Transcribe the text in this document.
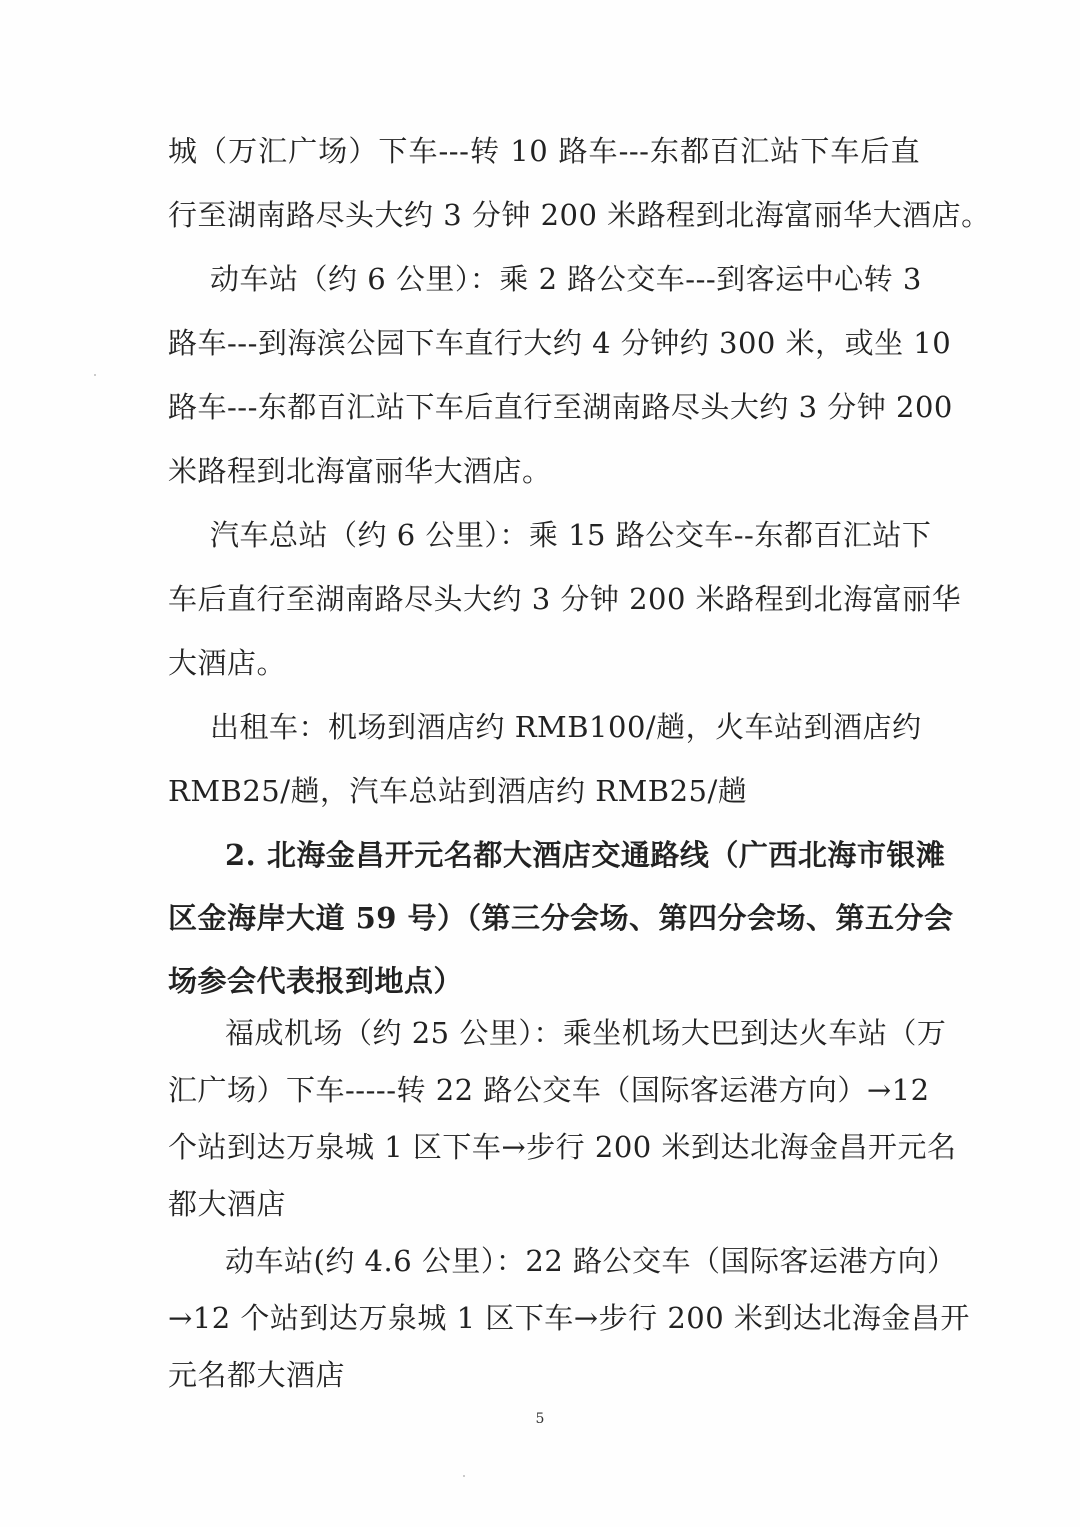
城（万汇广场）下车---转 10 路车---东都百汇站下车后直
行至湖南路尽头大约 3 分钟 200 米路程到北海富丽华大酒店。
动车站（约 6 公里）：乘 2 路公交车---到客运中心转 3
路车---到海滨公园下车直行大约 4 分钟约 300 米，或坐 10
路车---东都百汇站下车后直行至湖南路尽头大约 3 分钟 200
米路程到北海富丽华大酒店。
汽车总站（约 6 公里）：乘 15 路公交车--东都百汇站下
车后直行至湖南路尽头大约 3 分钟 200 米路程到北海富丽华
大酒店。
出租车：机场到酒店约 RMB100/趟，火车站到酒店约
RMB25/趟，汽车总站到酒店约 RMB25/趟
2. 北海金昌开元名都大酒店交通路线（广西北海市银滩
区金海岸大道 59 号）（第三分会场、第四分会场、第五分会
场参会代表报到地点）
福成机场（约 25 公里）：乘坐机场大巴到达火车站（万
汇广场）下车-----转 22 路公交车（国际客运港方向）→12
个站到达万泉城 1 区下车→步行 200 米到达北海金昌开元名
都大酒店
动车站(约 4.6 公里）：22 路公交车（国际客运港方向）
→12 个站到达万泉城 1 区下车→步行 200 米到达北海金昌开
元名都大酒店
5
